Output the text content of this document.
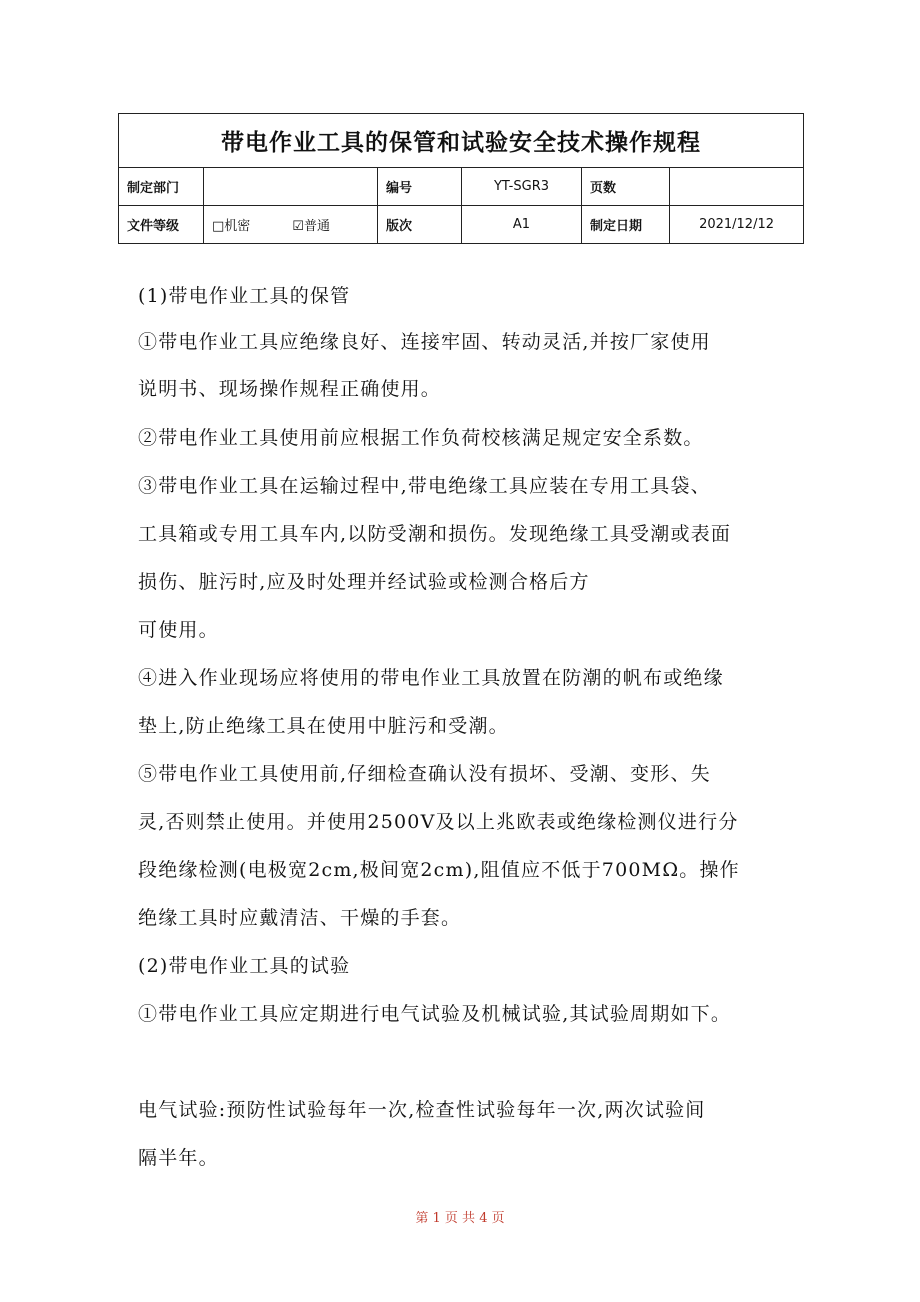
带电作业工具的保管和试验安全技术操作规程					
制定部门		编号	YT-SGR3	页数	
文件等级	□机密 ☑普通	版次	A1	制定日期	2021/12/12
(1)带电作业工具的保管
①带电作业工具应绝缘良好、连接牢固、转动灵活,并按厂家使用
说明书、现场操作规程正确使用。
②带电作业工具使用前应根据工作负荷校核满足规定安全系数。
③带电作业工具在运输过程中,带电绝缘工具应装在专用工具袋、
工具箱或专用工具车内,以防受潮和损伤。发现绝缘工具受潮或表面
损伤、脏污时,应及时处理并经试验或检测合格后方
可使用。
④进入作业现场应将使用的带电作业工具放置在防潮的帆布或绝缘
垫上,防止绝缘工具在使用中脏污和受潮。
⑤带电作业工具使用前,仔细检查确认没有损坏、受潮、变形、失
灵,否则禁止使用。并使用2500V及以上兆欧表或绝缘检测仪进行分
段绝缘检测(电极宽2cm,极间宽2cm),阻值应不低于700MΩ。操作
绝缘工具时应戴清洁、干燥的手套。
(2)带电作业工具的试验
①带电作业工具应定期进行电气试验及机械试验,其试验周期如下。
电气试验:预防性试验每年一次,检查性试验每年一次,两次试验间
隔半年。
第 1 页 共 4 页
